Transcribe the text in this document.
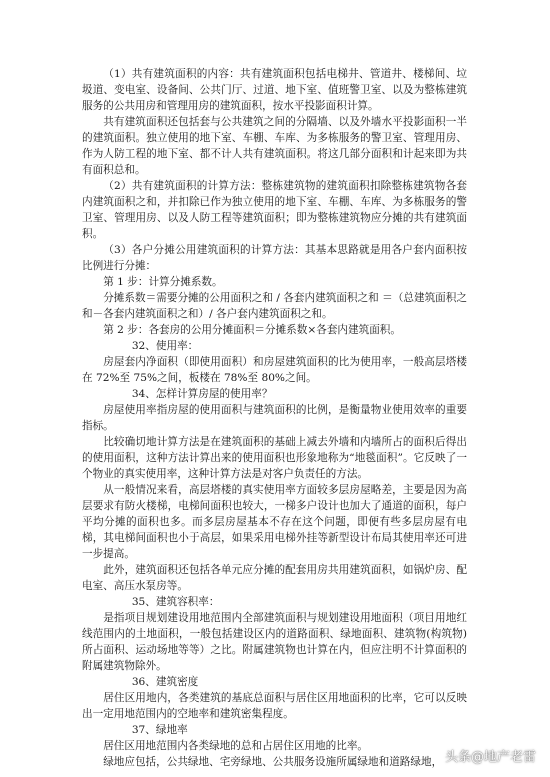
（1）共有建筑面积的内容：共有建筑面积包括电梯井、管道井、楼梯间、垃圾道、变电室、设备间、公共门厅、过道、地下室、值班警卫室、以及为整栋建筑服务的公共用房和管理用房的建筑面积，按水平投影面积计算。

共有建筑面积还包括套与公共建筑之间的分隔墙、以及外墙水平投影面积一半的建筑面积。独立使用的地下室、车棚、车库、为多栋服务的警卫室、管理用房、作为人防工程的地下室、都不计人共有建筑面积。将这几部分面积和计起来即为共有面积总和。

（2）共有建筑面积的计算方法：整栋建筑物的建筑面积扣除整栋建筑物各套内建筑面积之和，并扣除已作为独立使用的地下室、车棚、车库、为多栋服务的警卫室、管理用房、以及人防工程等建筑面积；即为整栋建筑物应分摊的共有建筑面积。

（3）各户分摊公用建筑面积的计算方法：其基本思路就是用各户套内面积按比例进行分摊：

第 1 步：计算分摊系数。

分摊系数＝需要分摊的公用面积之和 / 各套内建筑面积之和 ＝（总建筑面积之和－各套内建筑面积之和）/ 各户套内建筑面积之和。

第 2 步：各套房的公用分摊面积＝分摊系数×各套内建筑面积。

32、使用率：

房屋套内净面积（即使用面积）和房屋建筑面积的比为使用率，一般高层塔楼在 72%至 75%之间，板楼在 78%至 80%之间。

34、怎样计算房屋的使用率？

房屋使用率指房屋的使用面积与建筑面积的比例，是衡量物业使用效率的重要指标。

比较确切地计算方法是在建筑面积的基础上减去外墙和内墙所占的面积后得出的使用面积，这种方法计算出来的使用面积也形象地称为“地毯面积”。它反映了一个物业的真实使用率，这种计算方法是对客户负责任的方法。

从一般情况来看，高层塔楼的真实使用率方面较多层房屋略差，主要是因为高层要求有防火楼梯，电梯间面积也较大，一梯多户设计也加大了通道的面积，每户平均分摊的面积也多。而多层房屋基本不存在这个问题，即便有些多层房屋有电梯，其电梯间面积也小于高层，如果采用电梯外挂等新型设计布局其使用率还可进一步提高。

此外，建筑面积还包括各单元应分摊的配套用房共用建筑面积，如锅炉房、配电室、高压水泵房等。

35、建筑容积率：

是指项目规划建设用地范围内全部建筑面积与规划建设用地面积（项目用地红线范围内的土地面积，一般包括建设区内的道路面积、绿地面积、建筑物(构筑物)所占面积、运动场地等等）之比。附属建筑物也计算在内，但应注明不计算面积的附属建筑物除外。

36、建筑密度

居住区用地内，各类建筑的基底总面积与居住区用地面积的比率，它可以反映出一定用地范围内的空地率和建筑密集程度。

37、绿地率

居住区用地范围内各类绿地的总和占居住区用地的比率。

绿地应包括，公共绿地、宅旁绿地、公共服务设施所属绿地和道路绿地， 头条@地产老雷
